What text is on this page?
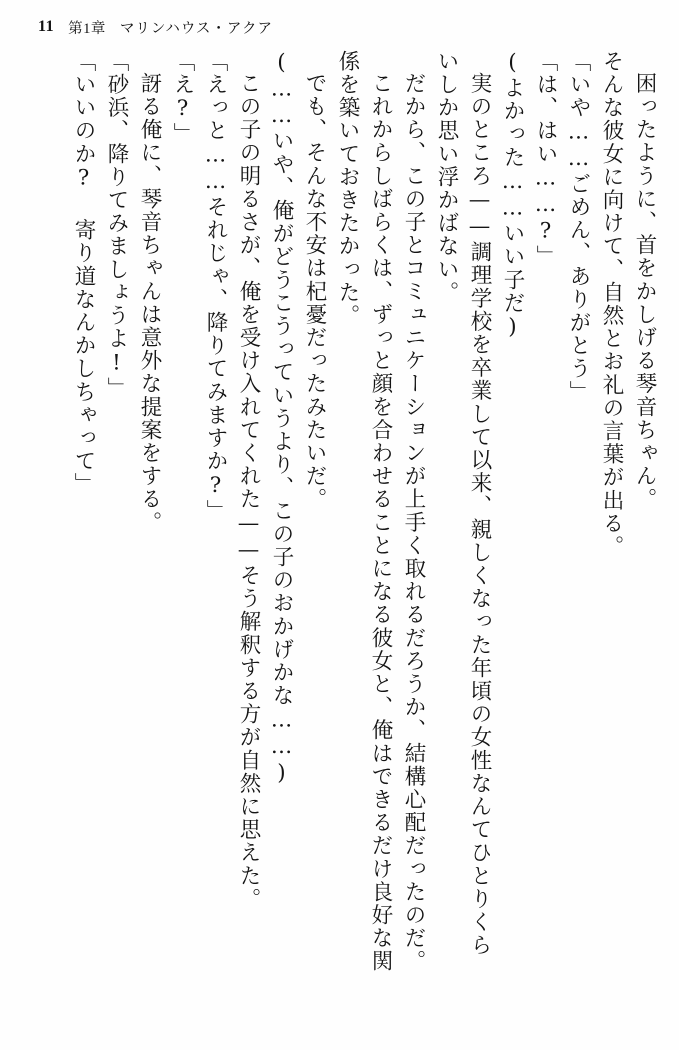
11 第1章 マリンハウス・アクア
困ったように、首をかしげる琴音ちゃん。
そんな彼女に向けて、自然とお礼の言葉が出る。
「いや……ごめん、ありがとう」
「は、はい……?」
(よかった……いい子だ)
実のところ——調理学校を卒業して以来、親しくなった年頃の女性なんてひとりくら
いしか思い浮かばない。
だから、この子とコミュニケーションが上手く取れるだろうか、結構心配だったのだ。
これからしばらくは、ずっと顔を合わせることになる彼女と、俺はできるだけ良好な関
係を築いておきたかった。
でも、そんな不安は杞憂だったみたいだ。
(……いや、俺がどうこうっていうより、この子のおかげかな……)
この子の明るさが、俺を受け入れてくれた——そう解釈する方が自然に思えた。
「えっと……それじゃ、降りてみますか?」
「え?」
訝る俺に、琴音ちゃんは意外な提案をする。
「砂浜、降りてみましょうよ!」
「いいのか? 寄り道なんかしちゃって」
